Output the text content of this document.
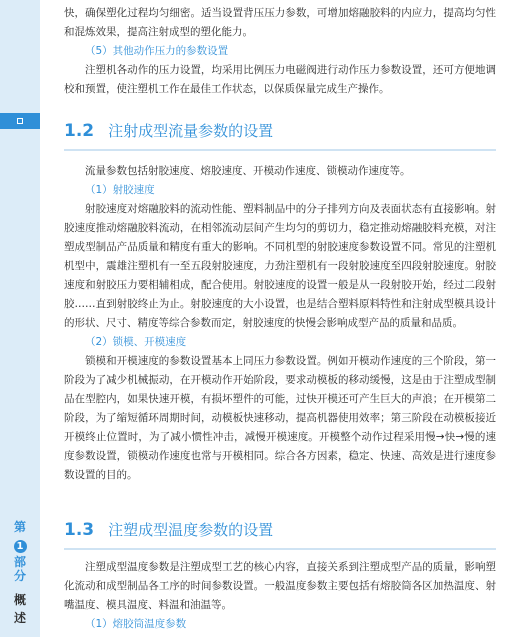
第
1
部
分
概
述

快，确保塑化过程均匀细密。适当设置背压压力参数，可增加熔融胶料的内应力，提高均匀性和混炼效果，提高注射成型的塑化能力。

（5）其他动作压力的参数设置

注塑机各动作的压力设置，均采用比例压力电磁阀进行动作压力参数设置，还可方便地调校和预置，使注塑机工作在最佳工作状态，以保质保量完成生产操作。

1.2 注射成型流量参数的设置

流量参数包括射胶速度、熔胶速度、开模动作速度、锁模动作速度等。

（1）射胶速度

射胶速度对熔融胶料的流动性能、塑料制品中的分子排列方向及表面状态有直接影响。射胶速度推动熔融胶料流动，在相邻流动层间产生均匀的剪切力，稳定推动熔融胶料充模，对注塑成型制品产品质量和精度有重大的影响。不同机型的射胶速度参数设置不同。常见的注塑机机型中，震雄注塑机有一至五段射胶速度，力劲注塑机有一段射胶速度至四段射胶速度。射胶速度和射胶压力要相辅相成，配合使用。射胶速度的设置一般是从一段射胶开始，经过二段射胶……直到射胶终止为止。射胶速度的大小设置，也是结合塑料原料特性和注射成型模具设计的形状、尺寸、精度等综合参数而定，射胶速度的快慢会影响成型产品的质量和品质。

（2）锁模、开模速度

锁模和开模速度的参数设置基本上同压力参数设置。例如开模动作速度的三个阶段，第一阶段为了减少机械振动，在开模动作开始阶段，要求动模板的移动缓慢，这是由于注塑成型制品在型腔内，如果快速开模，有损坏塑件的可能，过快开模还可产生巨大的声浪；在开模第二阶段，为了缩短循环周期时间，动模板快速移动，提高机器使用效率；第三阶段在动模板接近开模终止位置时，为了减小惯性冲击，减慢开模速度。开模整个动作过程采用慢→快→慢的速度参数设置，锁模动作速度也常与开模相同。综合各方因素，稳定、快速、高效是进行速度参数设置的目的。

1.3 注塑成型温度参数的设置

注塑成型温度参数是注塑成型工艺的核心内容，直接关系到注塑成型产品的质量，影响塑化流动和成型制品各工序的时间参数设置。一般温度参数主要包括有熔胶筒各区加热温度、射嘴温度、模具温度、料温和油温等。

（1）熔胶筒温度参数
